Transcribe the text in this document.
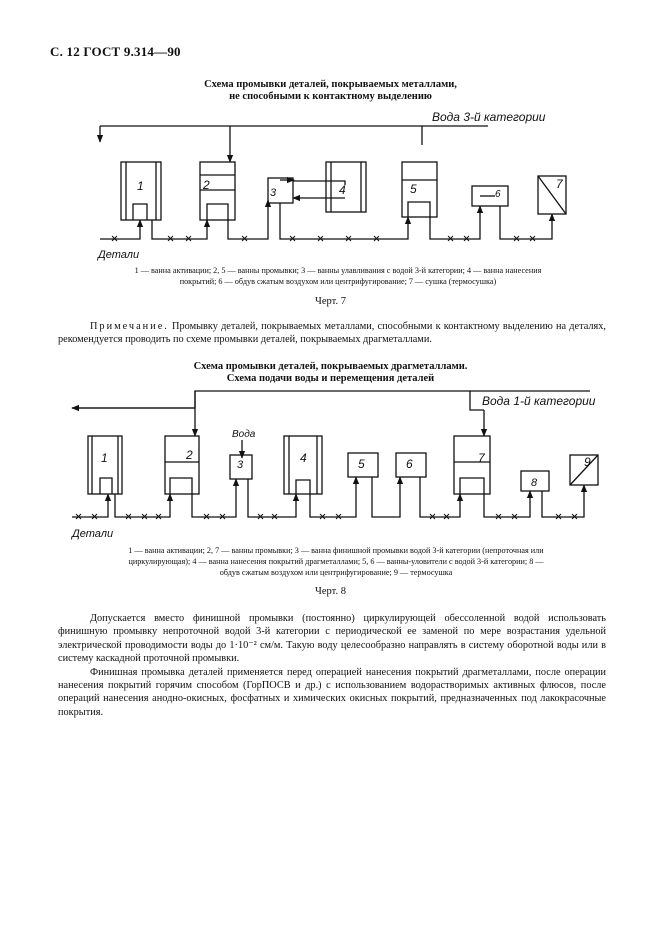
С. 12 ГОСТ 9.314—90
Схема промывки деталей, покрываемых металлами,
не способными к контактному выделению
Вода 3-й категории
Детали
1	2
3	4	5	6
7
Вода 1-й категории
Вода
Детали
1	2
3	4	5	6	7
8
9
1 — ванна активации; 2, 5 — ванны промывки; 3 — ванны улавливания с водой 3-й категории; 4 — ванна нанесения
покрытий; 6 — обдув сжатым воздухом или центрифугирование; 7 — сушка (термосушка)
Черт. 7

Примечание. Промывку деталей, покрываемых металлами, способными к контактному выделению на деталях, рекомендуется проводить по схеме промывки деталей, покрываемых драгметаллами.

Схема промывки деталей, покрываемых драгметаллами.
Схема подачи воды и перемещения деталей
1 — ванна активации; 2, 7 — ванны промывки; 3 — ванна финишной промывки водой 3-й категории (непроточная или
циркулирующая); 4 — ванна нанесения покрытий драгметаллами; 5, 6 — ванны-уловители с водой 3-й категории; 8 —
обдув сжатым воздухом или центрифугирование; 9 — термосушка
Черт. 8

Допускается вместо финишной промывки (постоянно) циркулирующей обессоленной водой использовать финишную промывку непроточной водой 3-й категории с периодической ее заменой по мере возрастания удельной электрической проводимости воды до 1·10⁻² см/м. Такую воду целесообразно направлять в систему оборотной воды или в систему каскадной проточной промывки.

Финишная промывка деталей применяется перед операцией нанесения покрытий драгметаллами, после операции нанесения покрытий горячим способом (ГорПОСВ и др.) с использованием водорастворимых активных флюсов, после операций нанесения анодно-окисных, фосфатных и химических окисных покрытий, предназначенных под лакокрасочные покрытия.
